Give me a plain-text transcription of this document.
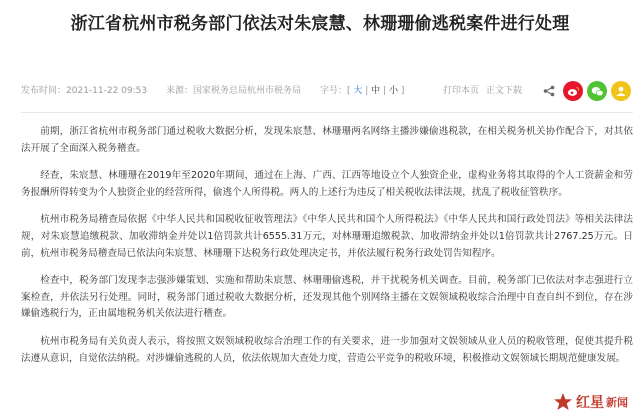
浙江省杭州市税务部门依法对朱宸慧、林珊珊偷逃税案件进行处理
发布时间：2021-11-22 09:53 来源：国家税务总局杭州市税务局 字号：[ 大 | 中 | 小 ]	打印本页 正文下载

前期，浙江省杭州市税务部门通过税收大数据分析，发现朱宸慧、林珊珊两名网络主播涉嫌偷逃税款，在相关税务机关协作配合下，对其依法开展了全面深入税务稽查。

经查，朱宸慧、林珊珊在2019年至2020年期间，通过在上海、广西、江西等地设立个人独资企业，虚构业务将其取得的个人工资薪金和劳务报酬所得转变为个人独资企业的经营所得，偷逃个人所得税。两人的上述行为违反了相关税收法律法规，扰乱了税收征管秩序。

杭州市税务局稽查局依据《中华人民共和国税收征收管理法》《中华人民共和国个人所得税法》《中华人民共和国行政处罚法》等相关法律法规，对朱宸慧追缴税款、加收滞纳金并处以1倍罚款共计6555.31万元，对林珊珊追缴税款、加收滞纳金并处以1倍罚款共计2767.25万元。日前，杭州市税务局稽查局已依法向朱宸慧、林珊珊下达税务行政处理决定书，并依法履行税务行政处罚告知程序。

检查中，税务部门发现李志强涉嫌策划、实施和帮助朱宸慧、林珊珊偷逃税，并干扰税务机关调查。目前，税务部门已依法对李志强进行立案检查，并依法另行处理。同时，税务部门通过税收大数据分析，还发现其他个别网络主播在文娱领域税收综合治理中自查自纠不到位，存在涉嫌偷逃税行为，正由属地税务机关依法进行稽查。

杭州市税务局有关负责人表示，将按照文娱领域税收综合治理工作的有关要求，进一步加强对文娱领域从业人员的税收管理，促使其提升税法遵从意识，自觉依法纳税。对涉嫌偷逃税的人员，依法依规加大查处力度，营造公平竞争的税收环境，积极推动文娱领域长期规范健康发展。

红星 新闻
